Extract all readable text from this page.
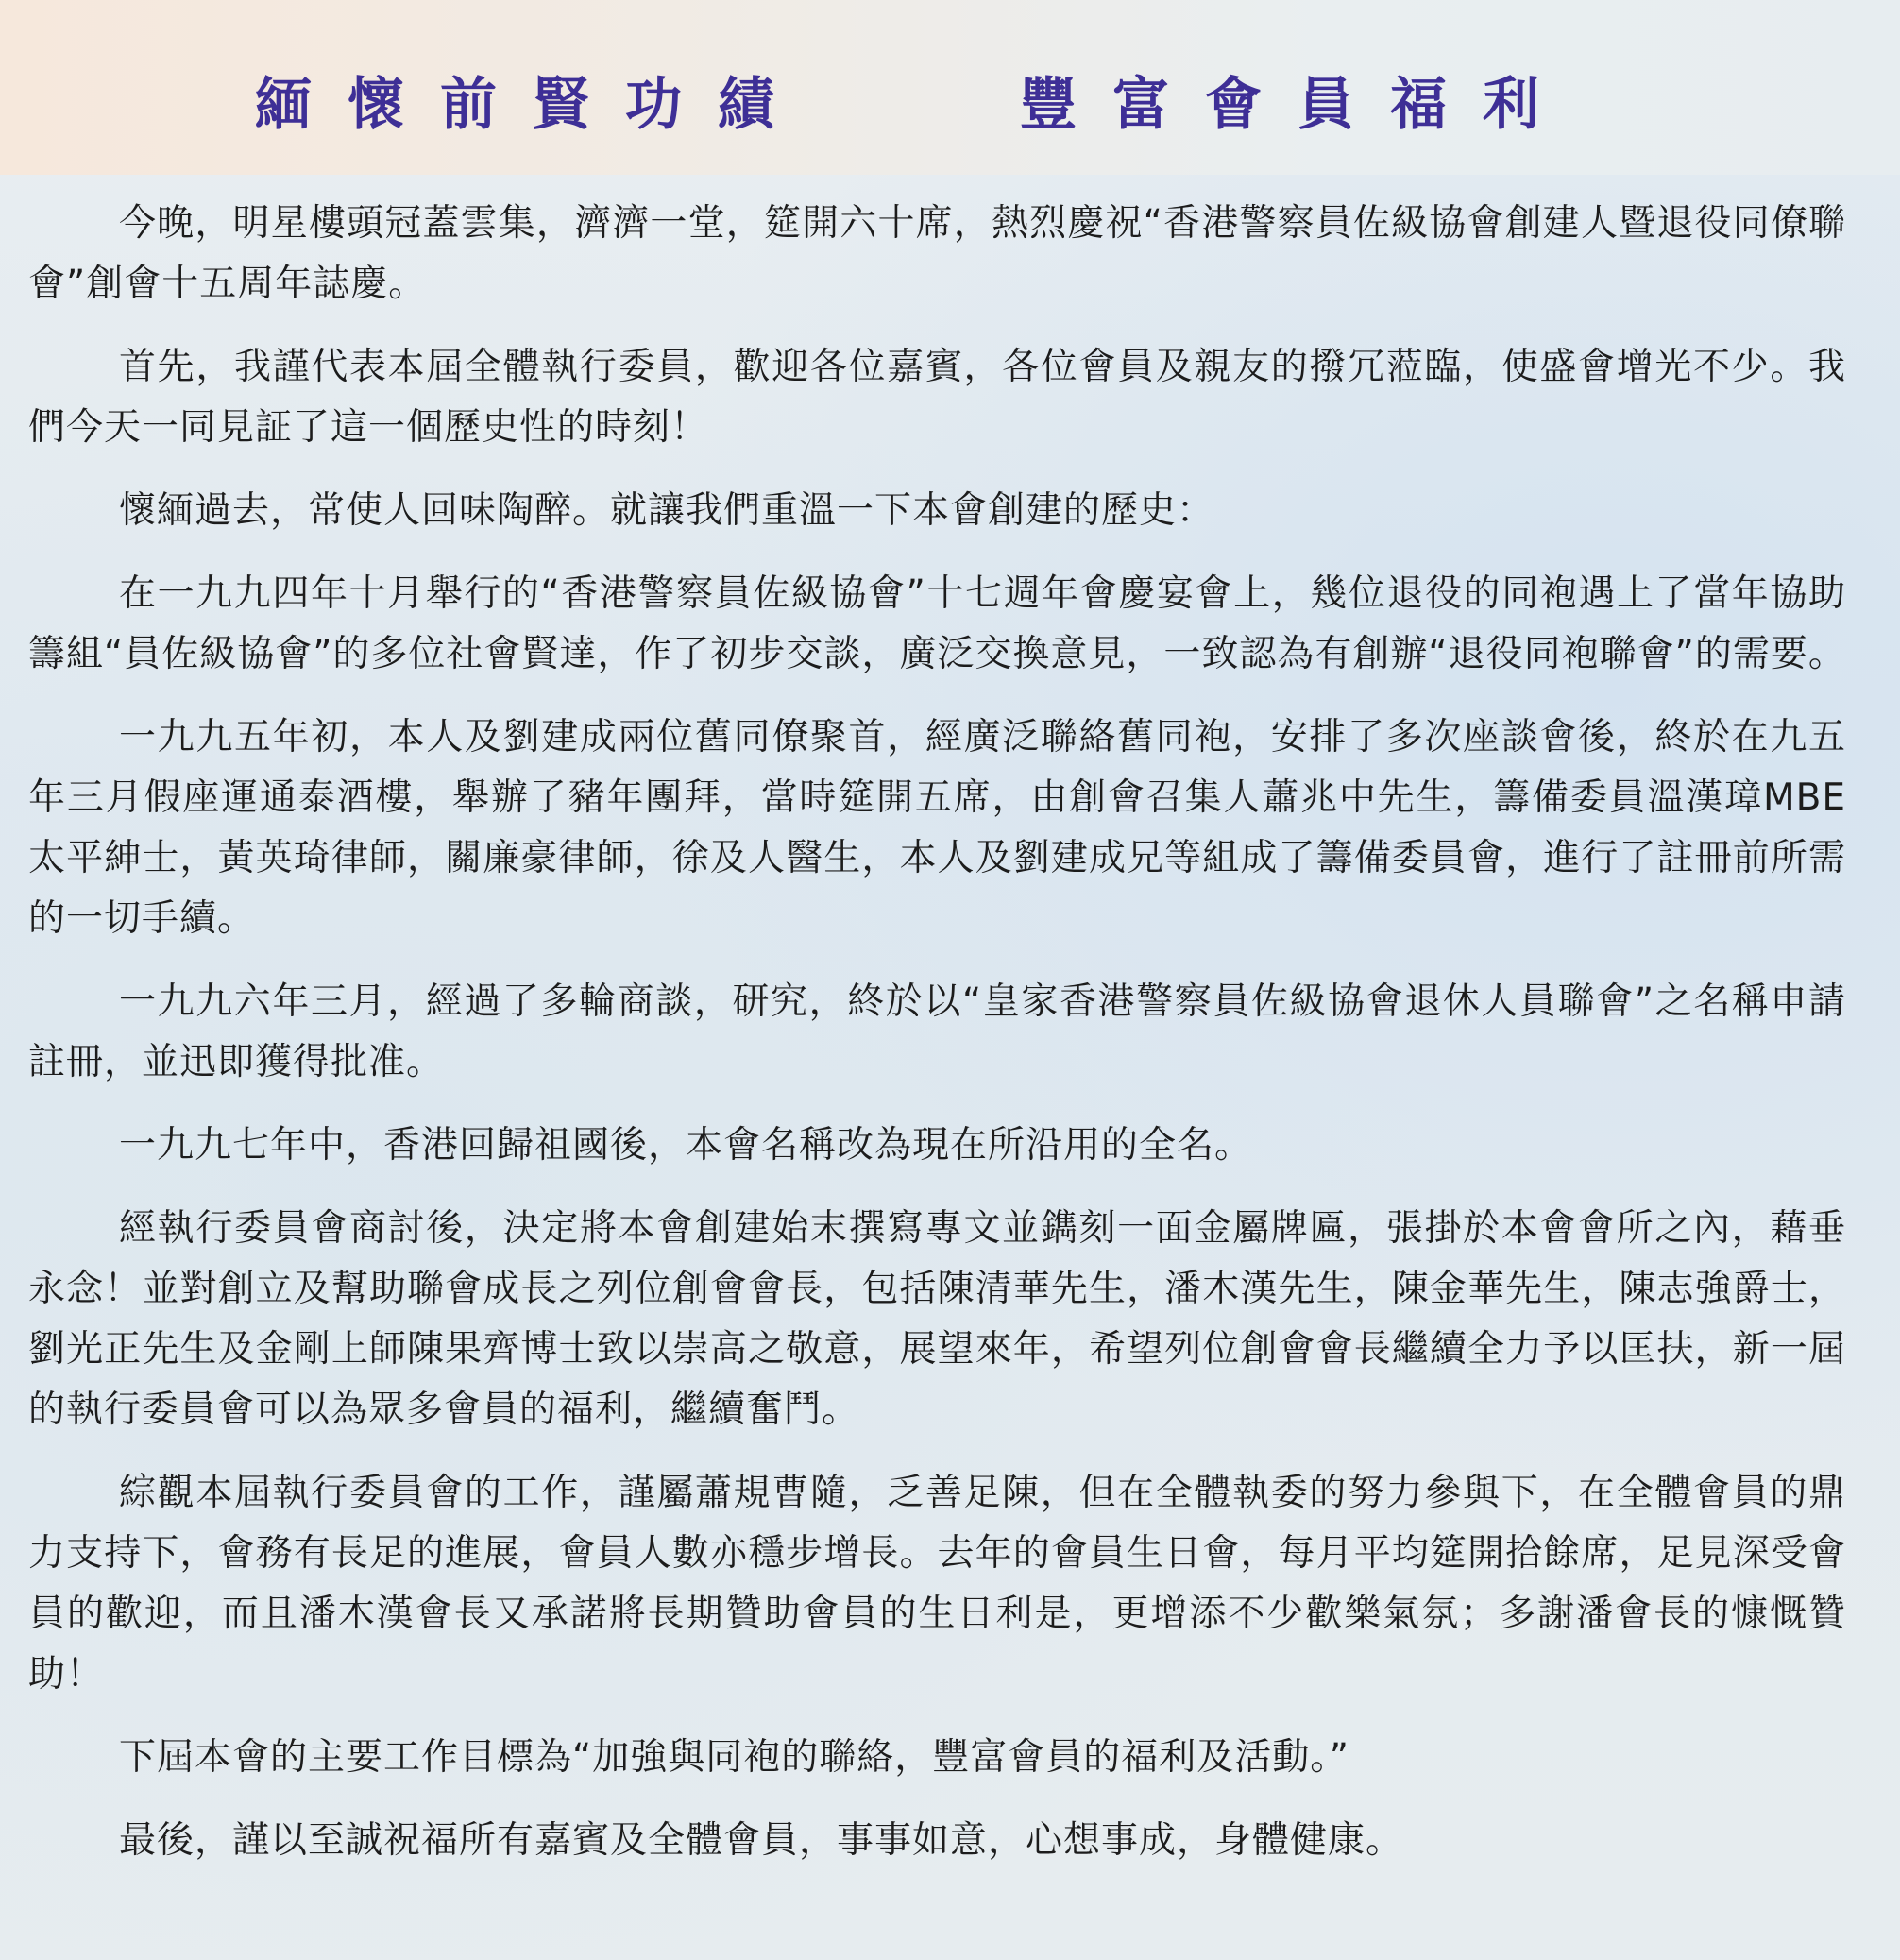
緬懷前賢功績	豐富會員福利

今晚，明星樓頭冠蓋雲集，濟濟一堂，筵開六十席，熱烈慶祝“香港警察員佐級協會創建人暨退役同僚聯會”創會十五周年誌慶。

首先，我謹代表本屆全體執行委員，歡迎各位嘉賓，各位會員及親友的撥冗蒞臨，使盛會增光不少。我們今天一同見証了這一個歷史性的時刻！

懷緬過去，常使人回味陶醉。就讓我們重溫一下本會創建的歷史：

在一九九四年十月舉行的“香港警察員佐級協會”十七週年會慶宴會上，幾位退役的同袍遇上了當年協助籌組“員佐級協會”的多位社會賢達，作了初步交談，廣泛交換意見，一致認為有創辦“退役同袍聯會”的需要。

一九九五年初，本人及劉建成兩位舊同僚聚首，經廣泛聯絡舊同袍，安排了多次座談會後，終於在九五年三月假座運通泰酒樓，舉辦了豬年團拜，當時筵開五席，由創會召集人蕭兆中先生，籌備委員溫漢璋MBE太平紳士，黃英琦律師，關廉豪律師，徐及人醫生，本人及劉建成兄等組成了籌備委員會，進行了註冊前所需的一切手續。

一九九六年三月，經過了多輪商談，研究，終於以“皇家香港警察員佐級協會退休人員聯會”之名稱申請註冊，並迅即獲得批准。

一九九七年中，香港回歸祖國後，本會名稱改為現在所沿用的全名。

經執行委員會商討後，決定將本會創建始末撰寫專文並鐫刻一面金屬牌匾，張掛於本會會所之內，藉垂永念！並對創立及幫助聯會成長之列位創會會長，包括陳清華先生，潘木漢先生，陳金華先生，陳志強爵士，劉光正先生及金剛上師陳果齊博士致以崇高之敬意，展望來年，希望列位創會會長繼續全力予以匡扶，新一屆的執行委員會可以為眾多會員的福利，繼續奮鬥。

綜觀本屆執行委員會的工作，謹屬蕭規曹隨，乏善足陳，但在全體執委的努力參與下，在全體會員的鼎力支持下，會務有長足的進展，會員人數亦穩步增長。去年的會員生日會，每月平均筵開拾餘席，足見深受會員的歡迎，而且潘木漢會長又承諾將長期贊助會員的生日利是，更增添不少歡樂氣氛；多謝潘會長的慷慨贊助！

下屆本會的主要工作目標為“加強與同袍的聯絡，豐富會員的福利及活動。”

最後，謹以至誠祝福所有嘉賓及全體會員，事事如意，心想事成，身體健康。
